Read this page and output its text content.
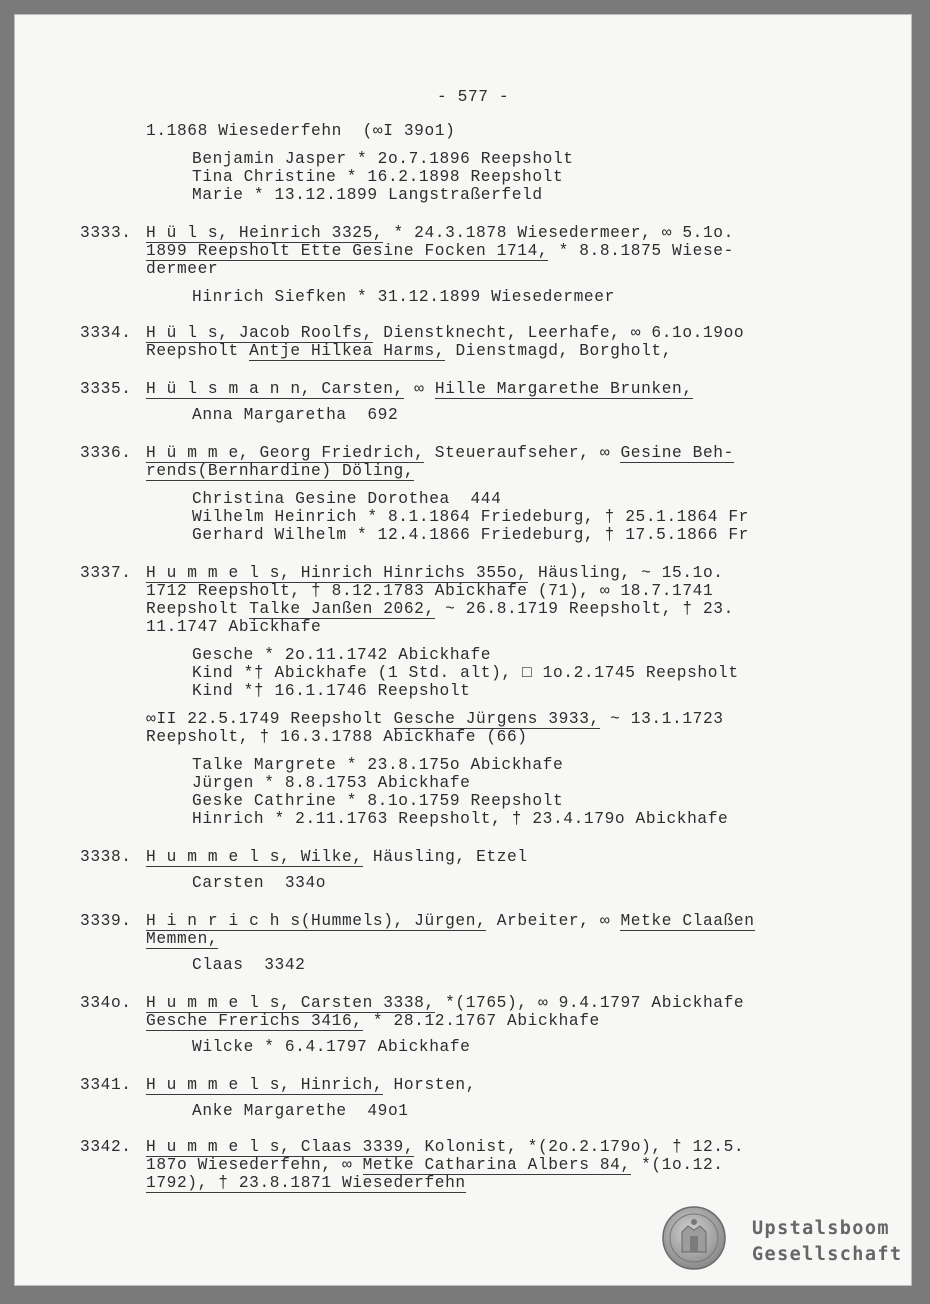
- 577 -
1.1868 Wiesederfehn  (∞I 39o1)
Benjamin Jasper * 2o.7.1896 Reepsholt
Tina Christine * 16.2.1898 Reepsholt
Marie * 13.12.1899 Langstraßerfeld
3333. H ü l s, Heinrich 3325, * 24.3.1878 Wiesedermeer, ∞ 5.1o.
1899 Reepsholt Ette Gesine Focken 1714, * 8.8.1875 Wiese-
dermeer
Hinrich Siefken * 31.12.1899 Wiesedermeer
3334. H ü l s, Jacob Roolfs, Dienstknecht, Leerhafe, ∞ 6.1o.19oo
Reepsholt Antje Hilkea Harms, Dienstmagd, Borgholt,
3335. H ü l s m a n n, Carsten, ∞ Hille Margarethe Brunken,
Anna Margaretha  692
3336. H ü m m e, Georg Friedrich, Steueraufseher, ∞ Gesine Beh-
rends(Bernhardine) Döling,
Christina Gesine Dorothea  444
Wilhelm Heinrich * 8.1.1864 Friedeburg, † 25.1.1864 Fr
Gerhard Wilhelm * 12.4.1866 Friedeburg, † 17.5.1866 Fr
3337. H u m m e l s, Hinrich Hinrichs 355o, Häusling, ~ 15.1o.
1712 Reepsholt, † 8.12.1783 Abickhafe (71), ∞ 18.7.1741
Reepsholt Talke Janßen 2062, ~ 26.8.1719 Reepsholt, † 23.
11.1747 Abickhafe
Gesche * 2o.11.1742 Abickhafe
Kind *† Abickhafe (1 Std. alt), □ 1o.2.1745 Reepsholt
Kind *† 16.1.1746 Reepsholt
∞II 22.5.1749 Reepsholt Gesche Jürgens 3933, ~ 13.1.1723
Reepsholt, † 16.3.1788 Abickhafe (66)
Talke Margrete * 23.8.175o Abickhafe
Jürgen * 8.8.1753 Abickhafe
Geske Cathrine * 8.1o.1759 Reepsholt
Hinrich * 2.11.1763 Reepsholt, † 23.4.179o Abickhafe
3338. H u m m e l s, Wilke, Häusling, Etzel
Carsten  334o
3339. H i n r i c h s(Hummels), Jürgen, Arbeiter, ∞ Metke Claaßen
Memmen,
Claas  3342
334o. H u m m e l s, Carsten 3338, *(1765), ∞ 9.4.1797 Abickhafe
Gesche Frerichs 3416, * 28.12.1767 Abickhafe
Wilcke * 6.4.1797 Abickhafe
3341. H u m m e l s, Hinrich, Horsten,
Anke Margarethe  49o1
3342. H u m m e l s, Claas 3339, Kolonist, *(2o.2.179o), † 12.5.
187o Wiesederfehn, ∞ Metke Catharina Albers 84, *(1o.12.
1792), † 23.8.1871 Wiesederfehn
Upstalsboom
Gesellschaft
